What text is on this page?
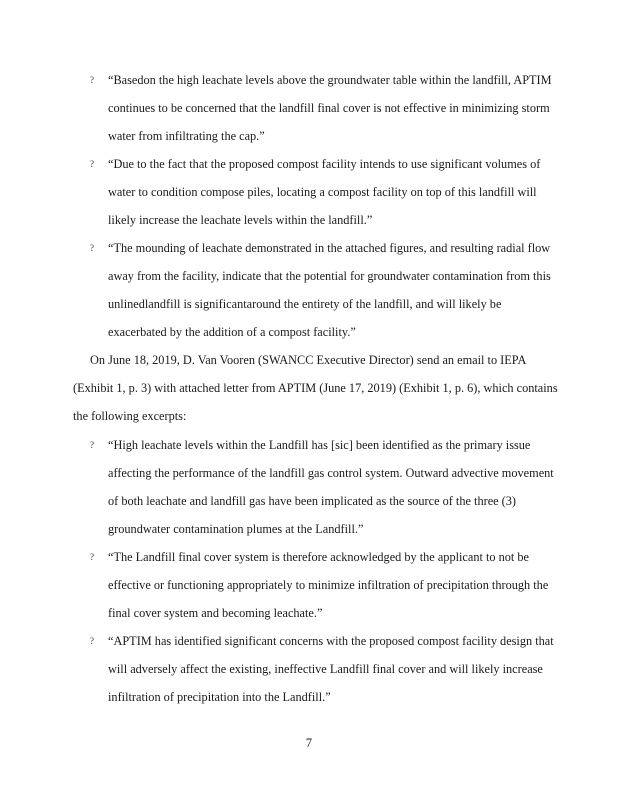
? “Basedon the high leachate levels above the groundwater table within the landfill, APTIM
continues to be concerned that the landfill final cover is not effective in minimizing storm
water from infiltrating the cap.”
? “Due to the fact that the proposed compost facility intends to use significant volumes of
water to condition compose piles, locating a compost facility on top of this landfill will
likely increase the leachate levels within the landfill.”
? “The mounding of leachate demonstrated in the attached figures, and resulting radial flow
away from the facility, indicate that the potential for groundwater contamination from this
unlinedlandfill is significantaround the entirety of the landfill, and will likely be
exacerbated by the addition of a compost facility.”
On June 18, 2019, D. Van Vooren (SWANCC Executive Director) send an email to IEPA
(Exhibit 1, p. 3) with attached letter from APTIM (June 17, 2019) (Exhibit 1, p. 6), which contains
the following excerpts:
? “High leachate levels within the Landfill has [sic] been identified as the primary issue
affecting the performance of the landfill gas control system. Outward advective movement
of both leachate and landfill gas have been implicated as the source of the three (3)
groundwater contamination plumes at the Landfill.”
? “The Landfill final cover system is therefore acknowledged by the applicant to not be
effective or functioning appropriately to minimize infiltration of precipitation through the
final cover system and becoming leachate.”
? “APTIM has identified significant concerns with the proposed compost facility design that
will adversely affect the existing, ineffective Landfill final cover and will likely increase
infiltration of precipitation into the Landfill.”
7
